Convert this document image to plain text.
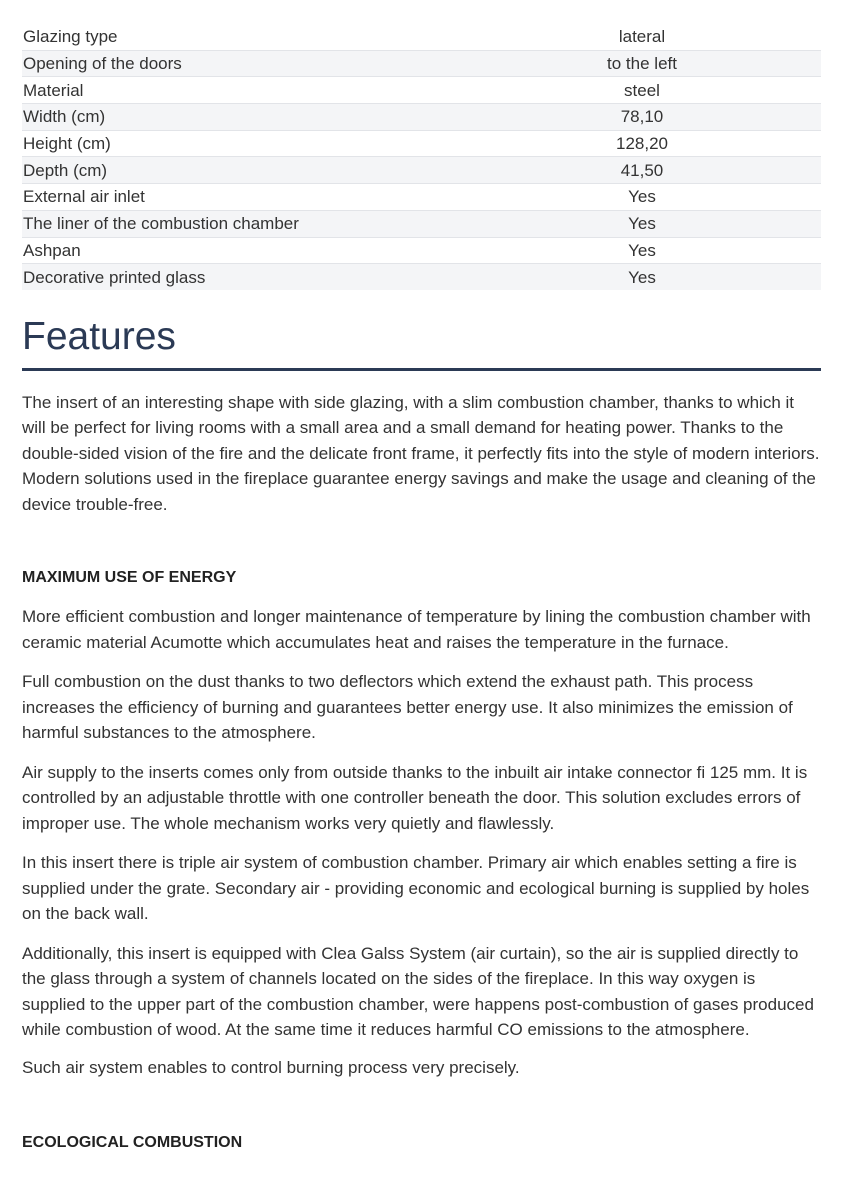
Glazing type	lateral
Opening of the doors	to the left
Material	steel
Width (cm)	78,10
Height (cm)	128,20
Depth (cm)	41,50
External air inlet	Yes
The liner of the combustion chamber	Yes
Ashpan	Yes
Decorative printed glass	Yes
Features

The insert of an interesting shape with side glazing, with a slim combustion chamber, thanks to which it will be perfect for living rooms with a small area and a small demand for heating power. Thanks to the double-sided vision of the fire and the delicate front frame, it perfectly fits into the style of modern interiors. Modern solutions used in the fireplace guarantee energy savings and make the usage and cleaning of the device trouble-free.

MAXIMUM USE OF ENERGY

More efficient combustion and longer maintenance of temperature by lining the combustion chamber with ceramic material Acumotte which accumulates heat and raises the temperature in the furnace.

Full combustion on the dust thanks to two deflectors which extend the exhaust path. This process increases the efficiency of burning and guarantees better energy use. It also minimizes the emission of harmful substances to the atmosphere.

Air supply to the inserts comes only from outside thanks to the inbuilt air intake connector fi 125 mm. It is controlled by an adjustable throttle with one controller beneath the door. This solution excludes errors of improper use. The whole mechanism works very quietly and flawlessly.

In this insert there is triple air system of combustion chamber. Primary air which enables setting a fire is supplied under the grate. Secondary air - providing economic and ecological burning is supplied by holes on the back wall.

Additionally, this insert is equipped with Clea Galss System (air curtain), so the air is supplied directly to the glass through a system of channels located on the sides of the fireplace. In this way oxygen is supplied to the upper part of the combustion chamber, were happens post-combustion of gases produced while combustion of wood. At the same time it reduces harmful CO emissions to the atmosphere.

Such air system enables to control burning process very precisely.

ECOLOGICAL COMBUSTION
